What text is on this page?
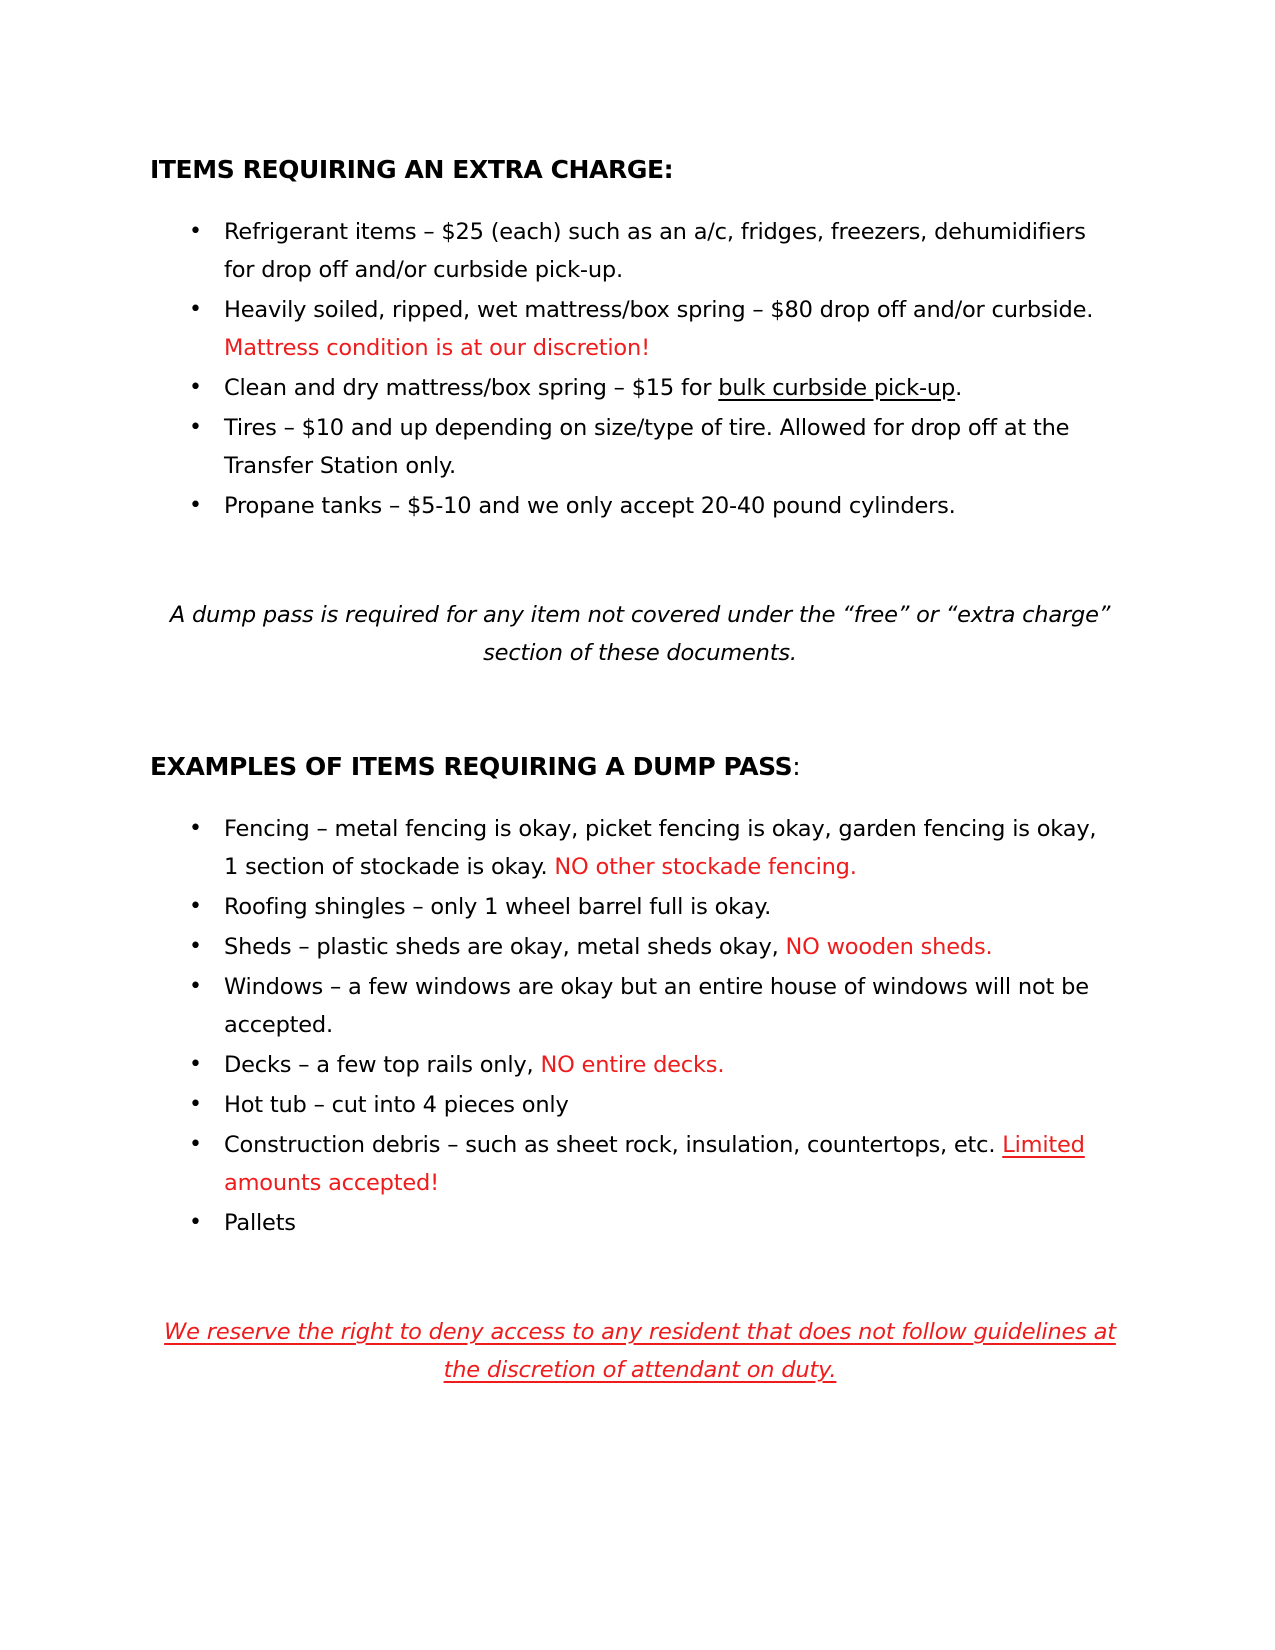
ITEMS REQUIRING AN EXTRA CHARGE:
• Refrigerant items – $25 (each) such as an a/c, fridges, freezers, dehumidifiers for drop off and/or curbside pick-up.
• Heavily soiled, ripped, wet mattress/box spring – $80 drop off and/or curbside. Mattress condition is at our discretion!
• Clean and dry mattress/box spring – $15 for bulk curbside pick-up.
• Tires – $10 and up depending on size/type of tire. Allowed for drop off at the Transfer Station only.
• Propane tanks – $5-10 and we only accept 20-40 pound cylinders.

A dump pass is required for any item not covered under the “free” or “extra charge” section of these documents.

EXAMPLES OF ITEMS REQUIRING A DUMP PASS:
• Fencing – metal fencing is okay, picket fencing is okay, garden fencing is okay, 1 section of stockade is okay. NO other stockade fencing.
• Roofing shingles – only 1 wheel barrel full is okay.
• Sheds – plastic sheds are okay, metal sheds okay, NO wooden sheds.
• Windows – a few windows are okay but an entire house of windows will not be accepted.
• Decks – a few top rails only, NO entire decks.
• Hot tub – cut into 4 pieces only
• Construction debris – such as sheet rock, insulation, countertops, etc. Limited amounts accepted!
• Pallets

We reserve the right to deny access to any resident that does not follow guidelines at the discretion of attendant on duty.
